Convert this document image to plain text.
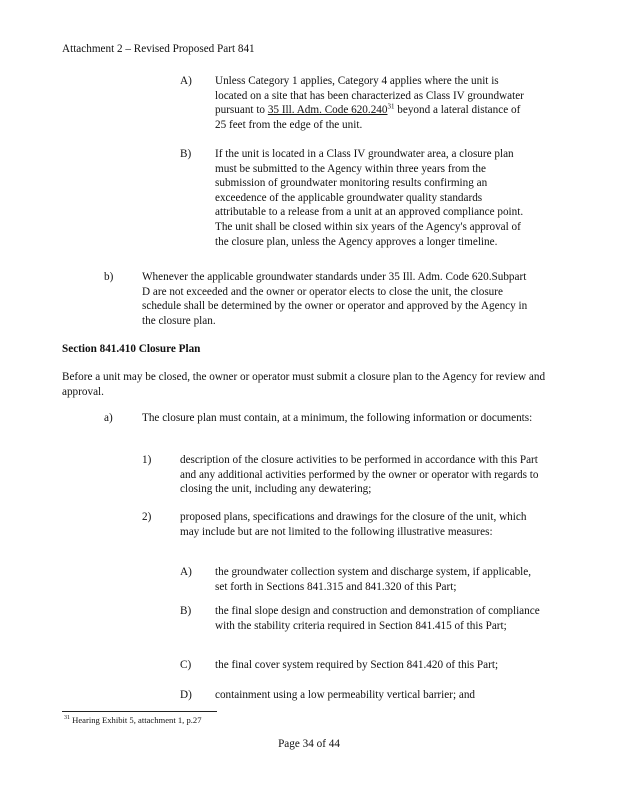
Attachment 2 – Revised Proposed Part 841
A) Unless Category 1 applies, Category 4 applies where the unit is located on a site that has been characterized as Class IV groundwater pursuant to 35 Ill. Adm. Code 620.240$^{31}$ beyond a lateral distance of 25 feet from the edge of the unit.

B) If the unit is located in a Class IV groundwater area, a closure plan must be submitted to the Agency within three years from the submission of groundwater monitoring results confirming an exceedence of the applicable groundwater quality standards attributable to a release from a unit at an approved compliance point. The unit shall be closed within six years of the Agency's approval of the closure plan, unless the Agency approves a longer timeline.

b)	Whenever the applicable groundwater standards under 35 Ill. Adm. Code 620.Subpart D are not exceeded and the owner or operator elects to close the unit, the closure schedule shall be determined by the owner or operator and approved by the Agency in the closure plan.

Section 841.410 Closure Plan

Before a unit may be closed, the owner or operator must submit a closure plan to the Agency for review and approval.

a)	The closure plan must contain, at a minimum, the following information or documents:

1)	description of the closure activities to be performed in accordance with this Part and any additional activities performed by the owner or operator with regards to closing the unit, including any dewatering;

2)	proposed plans, specifications and drawings for the closure of the unit, which may include but are not limited to the following illustrative measures:

A) the groundwater collection system and discharge system, if applicable, set forth in Sections 841.315 and 841.320 of this Part;

B) the final slope design and construction and demonstration of compliance with the stability criteria required in Section 841.415 of this Part;

C) the final cover system required by Section 841.420 of this Part;

D) containment using a low permeability vertical barrier; and

$^{31}$ Hearing Exhibit 5, attachment 1, p.27
Page 34 of 44
